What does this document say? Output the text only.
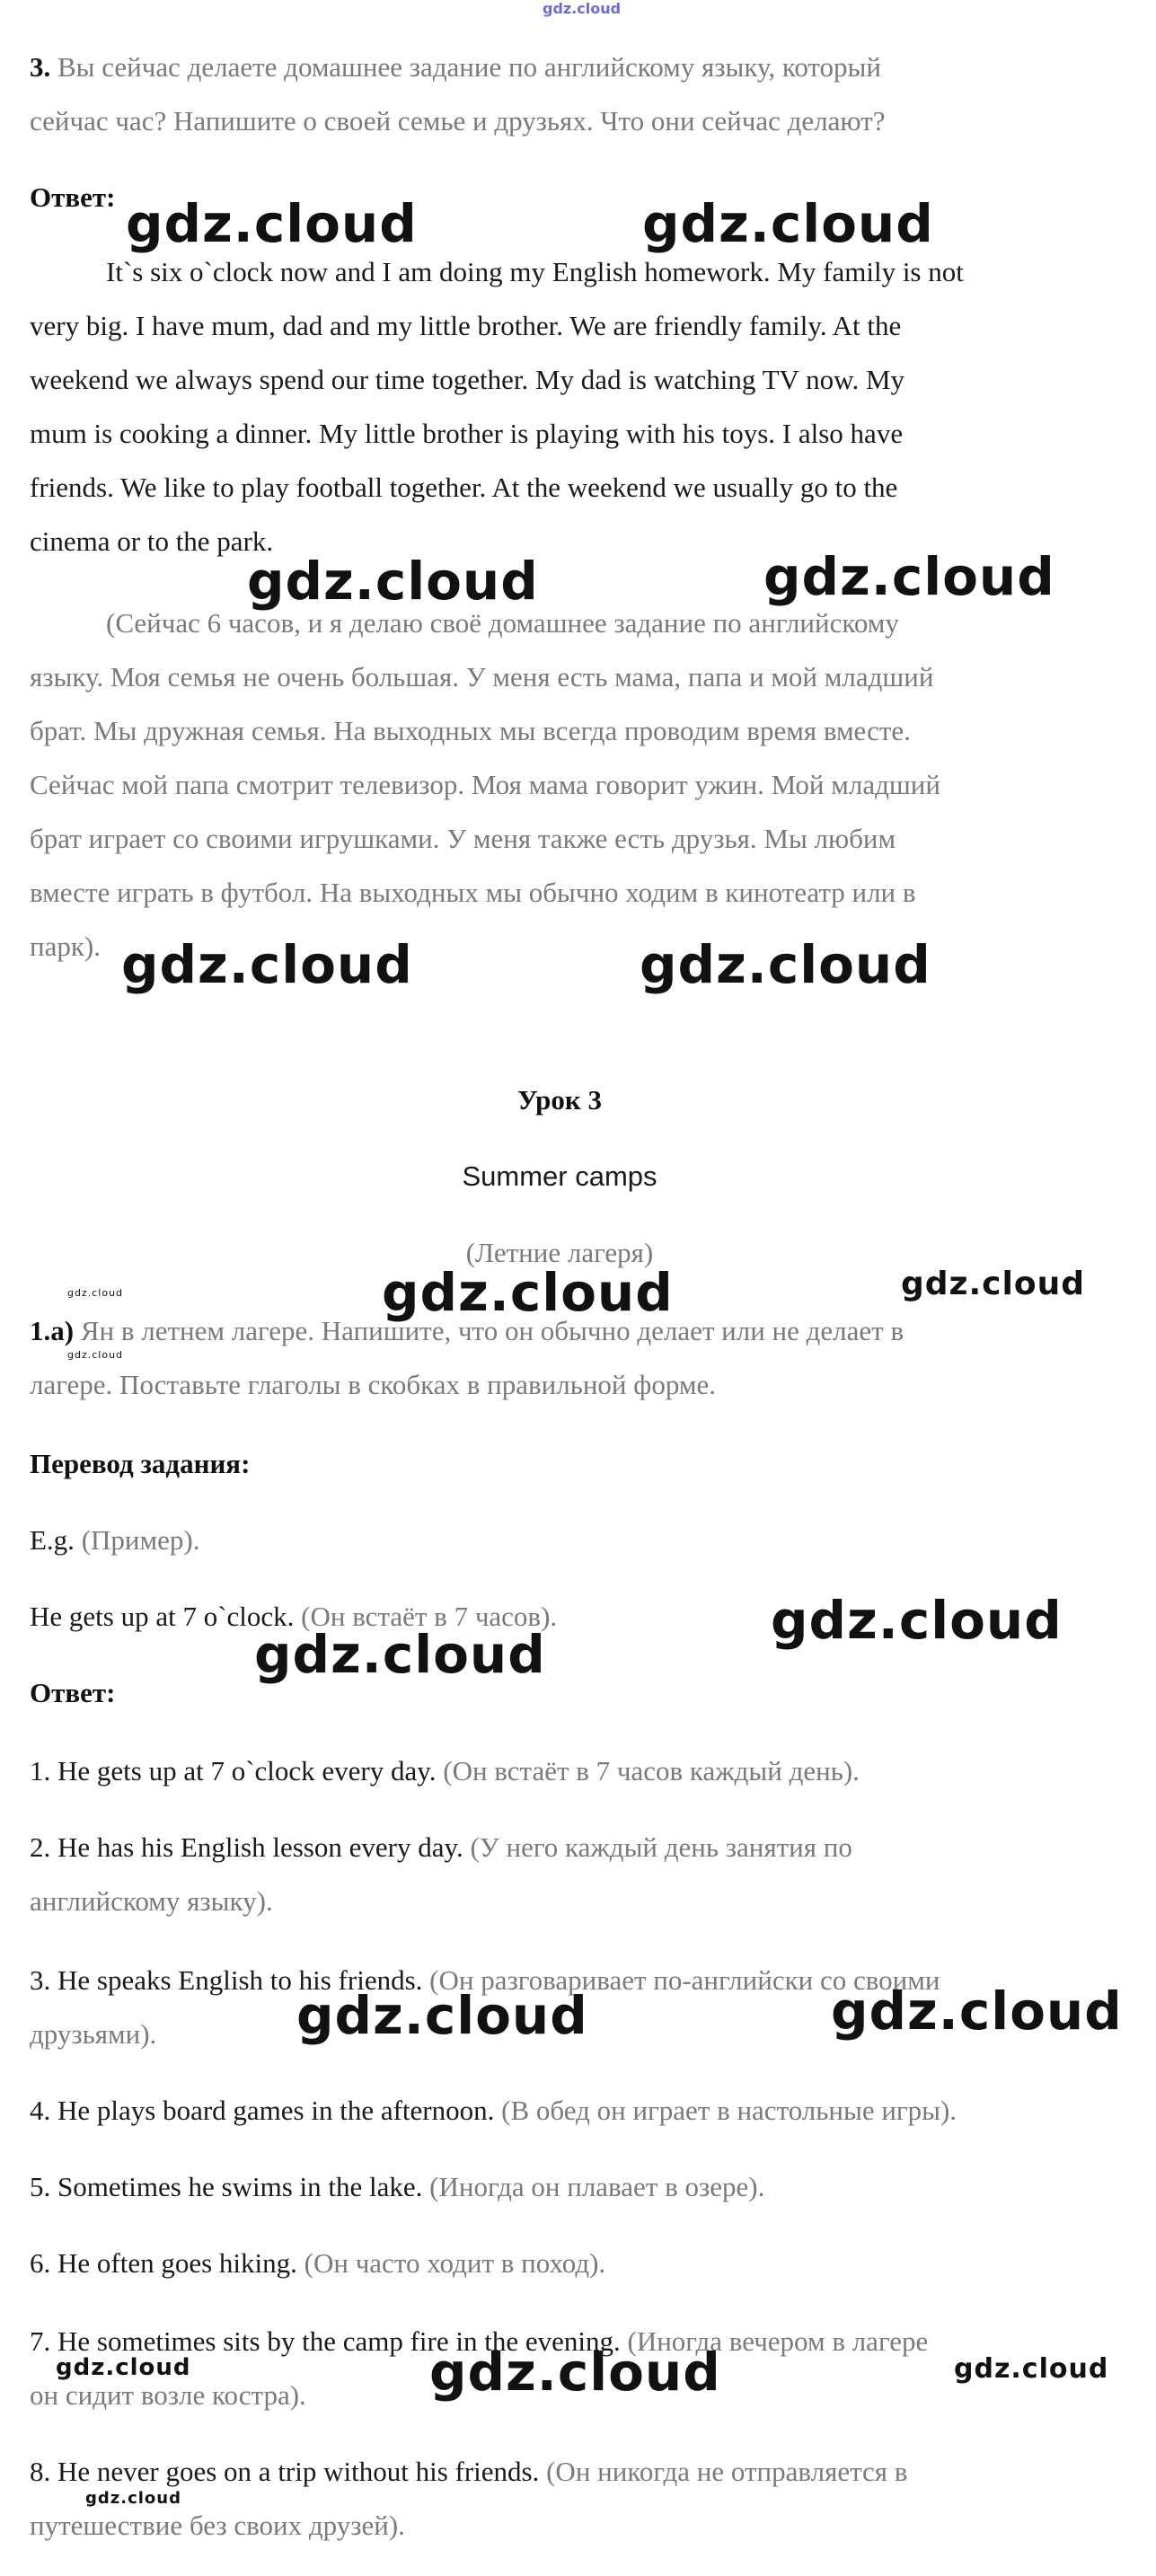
gdz.cloud
3. Вы сейчас делаете домашнее задание по английскому языку, который
сейчас час? Напишите о своей семье и друзьях. Что они сейчас делают?
Ответ:
It`s six o`clock now and I am doing my English homework. My family is not
very big. I have mum, dad and my little brother. We are friendly family. At the
weekend we always spend our time together. My dad is watching TV now. My
mum is cooking a dinner. My little brother is playing with his toys. I also have
friends. We like to play football together. At the weekend we usually go to the
cinema or to the park.
(Сейчас 6 часов, и я делаю своё домашнее задание по английскому
языку. Моя семья не очень большая. У меня есть мама, папа и мой младший
брат. Мы дружная семья. На выходных мы всегда проводим время вместе.
Сейчас мой папа смотрит телевизор. Моя мама говорит ужин. Мой младший
брат играет со своими игрушками. У меня также есть друзья. Мы любим
вместе играть в футбол. На выходных мы обычно ходим в кинотеатр или в
парк).
Урок 3
Summer camps
(Летние лагеря)
1.а) Ян в летнем лагере. Напишите, что он обычно делает или не делает в
лагере. Поставьте глаголы в скобках в правильной форме.
Перевод задания:
E.g. (Пример).
He gets up at 7 o`clock. (Он встаёт в 7 часов).
Ответ:
1. He gets up at 7 o`clock every day. (Он встаёт в 7 часов каждый день).
2. He has his English lesson every day. (У него каждый день занятия по
английскому языку).
3. He speaks English to his friends. (Он разговаривает по-английски со своими
друзьями).
4. He plays board games in the afternoon. (В обед он играет в настольные игры).
5. Sometimes he swims in the lake. (Иногда он плавает в озере).
6. He often goes hiking. (Он часто ходит в поход).
7. He sometimes sits by the camp fire in the evening. (Иногда вечером в лагере
он сидит возле костра).
8. He never goes on a trip without his friends. (Он никогда не отправляется в
путешествие без своих друзей).
gdz.cloud	gdz.cloud
gdz.cloud	gdz.cloud
gdz.cloud	gdz.cloud
gdz.cloud	gdz.cloud
gdz.cloud
gdz.cloud
gdz.cloud
gdz.cloud
gdz.cloud	gdz.cloud
gdz.cloud
gdz.cloud	gdz.cloud
gdz.cloud
